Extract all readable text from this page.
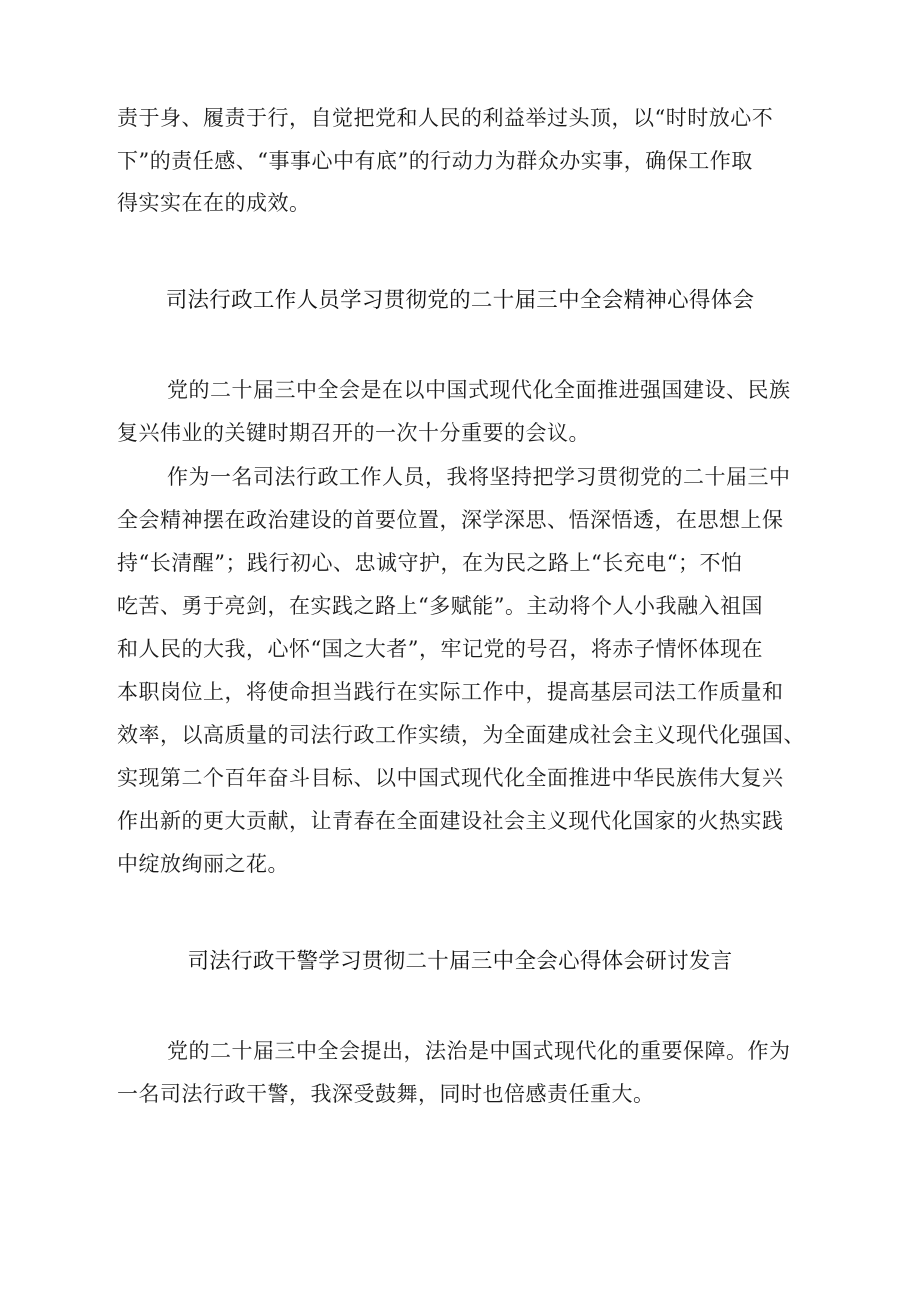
责于身、履责于行，自觉把党和人民的利益举过头顶，以“时时放心不
下”的责任感、“事事心中有底”的行动力为群众办实事，确保工作取
得实实在在的成效。
司法行政工作人员学习贯彻党的二十届三中全会精神心得体会
党的二十届三中全会是在以中国式现代化全面推进强国建设、民族
复兴伟业的关键时期召开的一次十分重要的会议。
作为一名司法行政工作人员，我将坚持把学习贯彻党的二十届三中
全会精神摆在政治建设的首要位置，深学深思、悟深悟透，在思想上保
持“长清醒”；践行初心、忠诚守护，在为民之路上“长充电“；不怕
吃苦、勇于亮剑，在实践之路上“多赋能”。主动将个人小我融入祖国
和人民的大我，心怀“国之大者”，牢记党的号召，将赤子情怀体现在
本职岗位上，将使命担当践行在实际工作中，提高基层司法工作质量和
效率，以高质量的司法行政工作实绩，为全面建成社会主义现代化强国、
实现第二个百年奋斗目标、以中国式现代化全面推进中华民族伟大复兴
作出新的更大贡献，让青春在全面建设社会主义现代化国家的火热实践
中绽放绚丽之花。
司法行政干警学习贯彻二十届三中全会心得体会研讨发言
党的二十届三中全会提出，法治是中国式现代化的重要保障。作为
一名司法行政干警，我深受鼓舞，同时也倍感责任重大。
